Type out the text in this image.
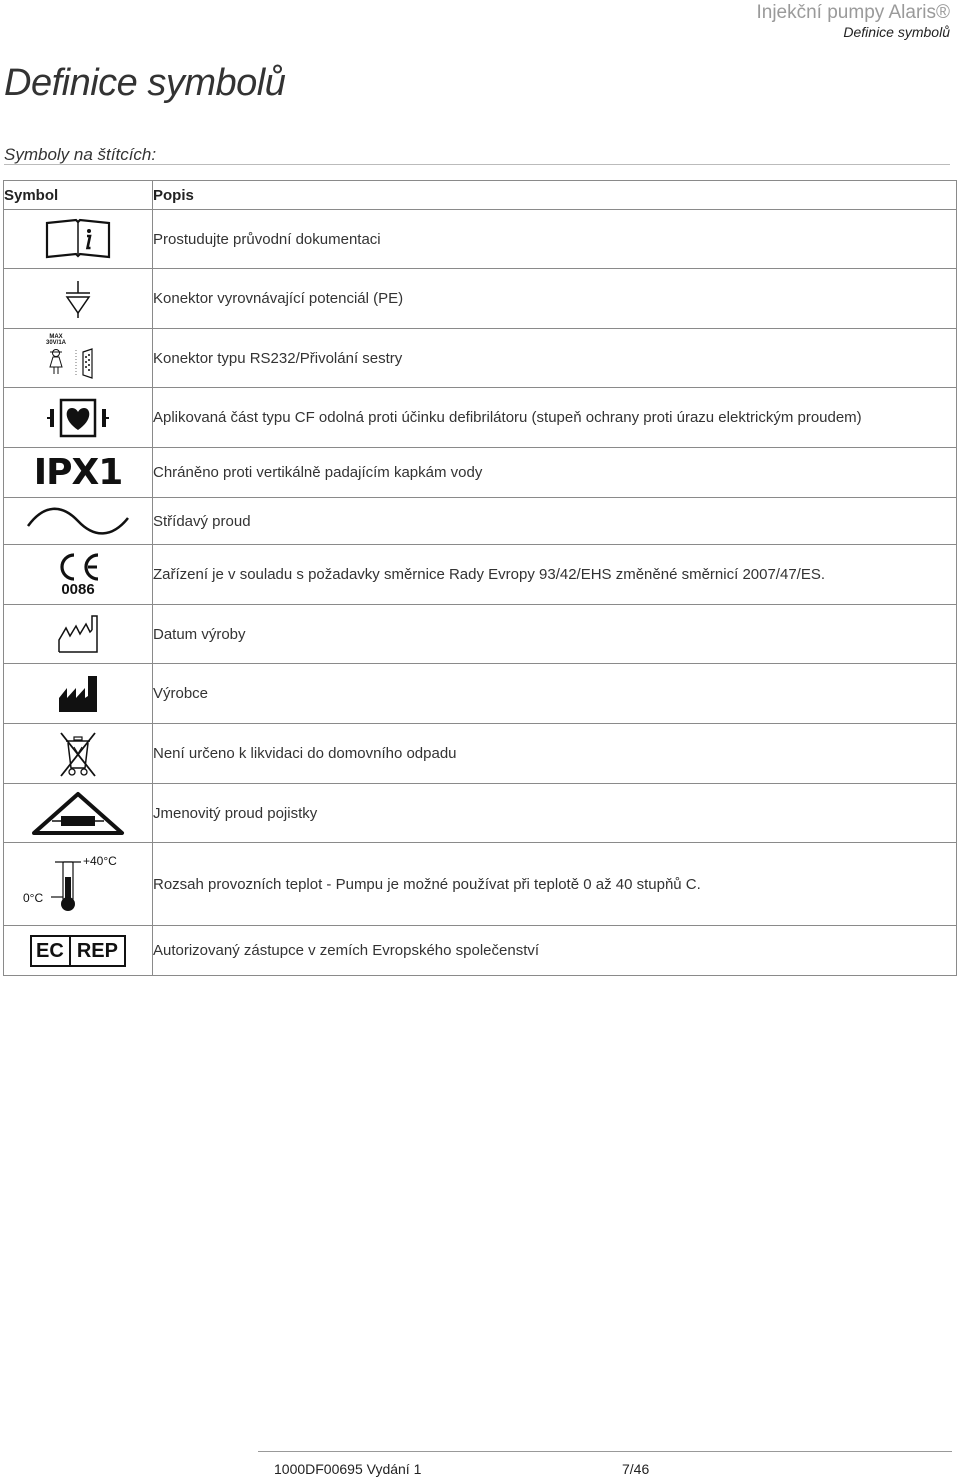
Injekční pumpy Alaris®
Definice symbolů
Definice symbolů
Symboly na štítcích:
Symbol	Popis

	Prostudujte průvodní dokumentaci

	Konektor vyrovnávající potenciál (PE)

MAX
30V/1A	Konektor typu RS232/Přivolání sestry

	Aplikovaná část typu CF odolná proti účinku defibrilátoru (stupeň ochrany proti úrazu elektrickým proudem)

IPX1	Chráněno proti vertikálně padajícím kapkám vody

	Střídavý proud

0086	Zařízení je v souladu s požadavky směrnice Rady Evropy 93/42/EHS změněné směrnicí 2007/47/ES.

	Datum výroby

	Výrobce

	Není určeno k likvidaci do domovního odpadu

	Jmenovitý proud pojistky

+40°C
0°C	Rozsah provozních teplot - Pumpu je možné používat při teplotě 0 až 40 stupňů C.

EC REP	Autorizovaný zástupce v zemích Evropského společenství
1000DF00695 Vydání 1	7/46
